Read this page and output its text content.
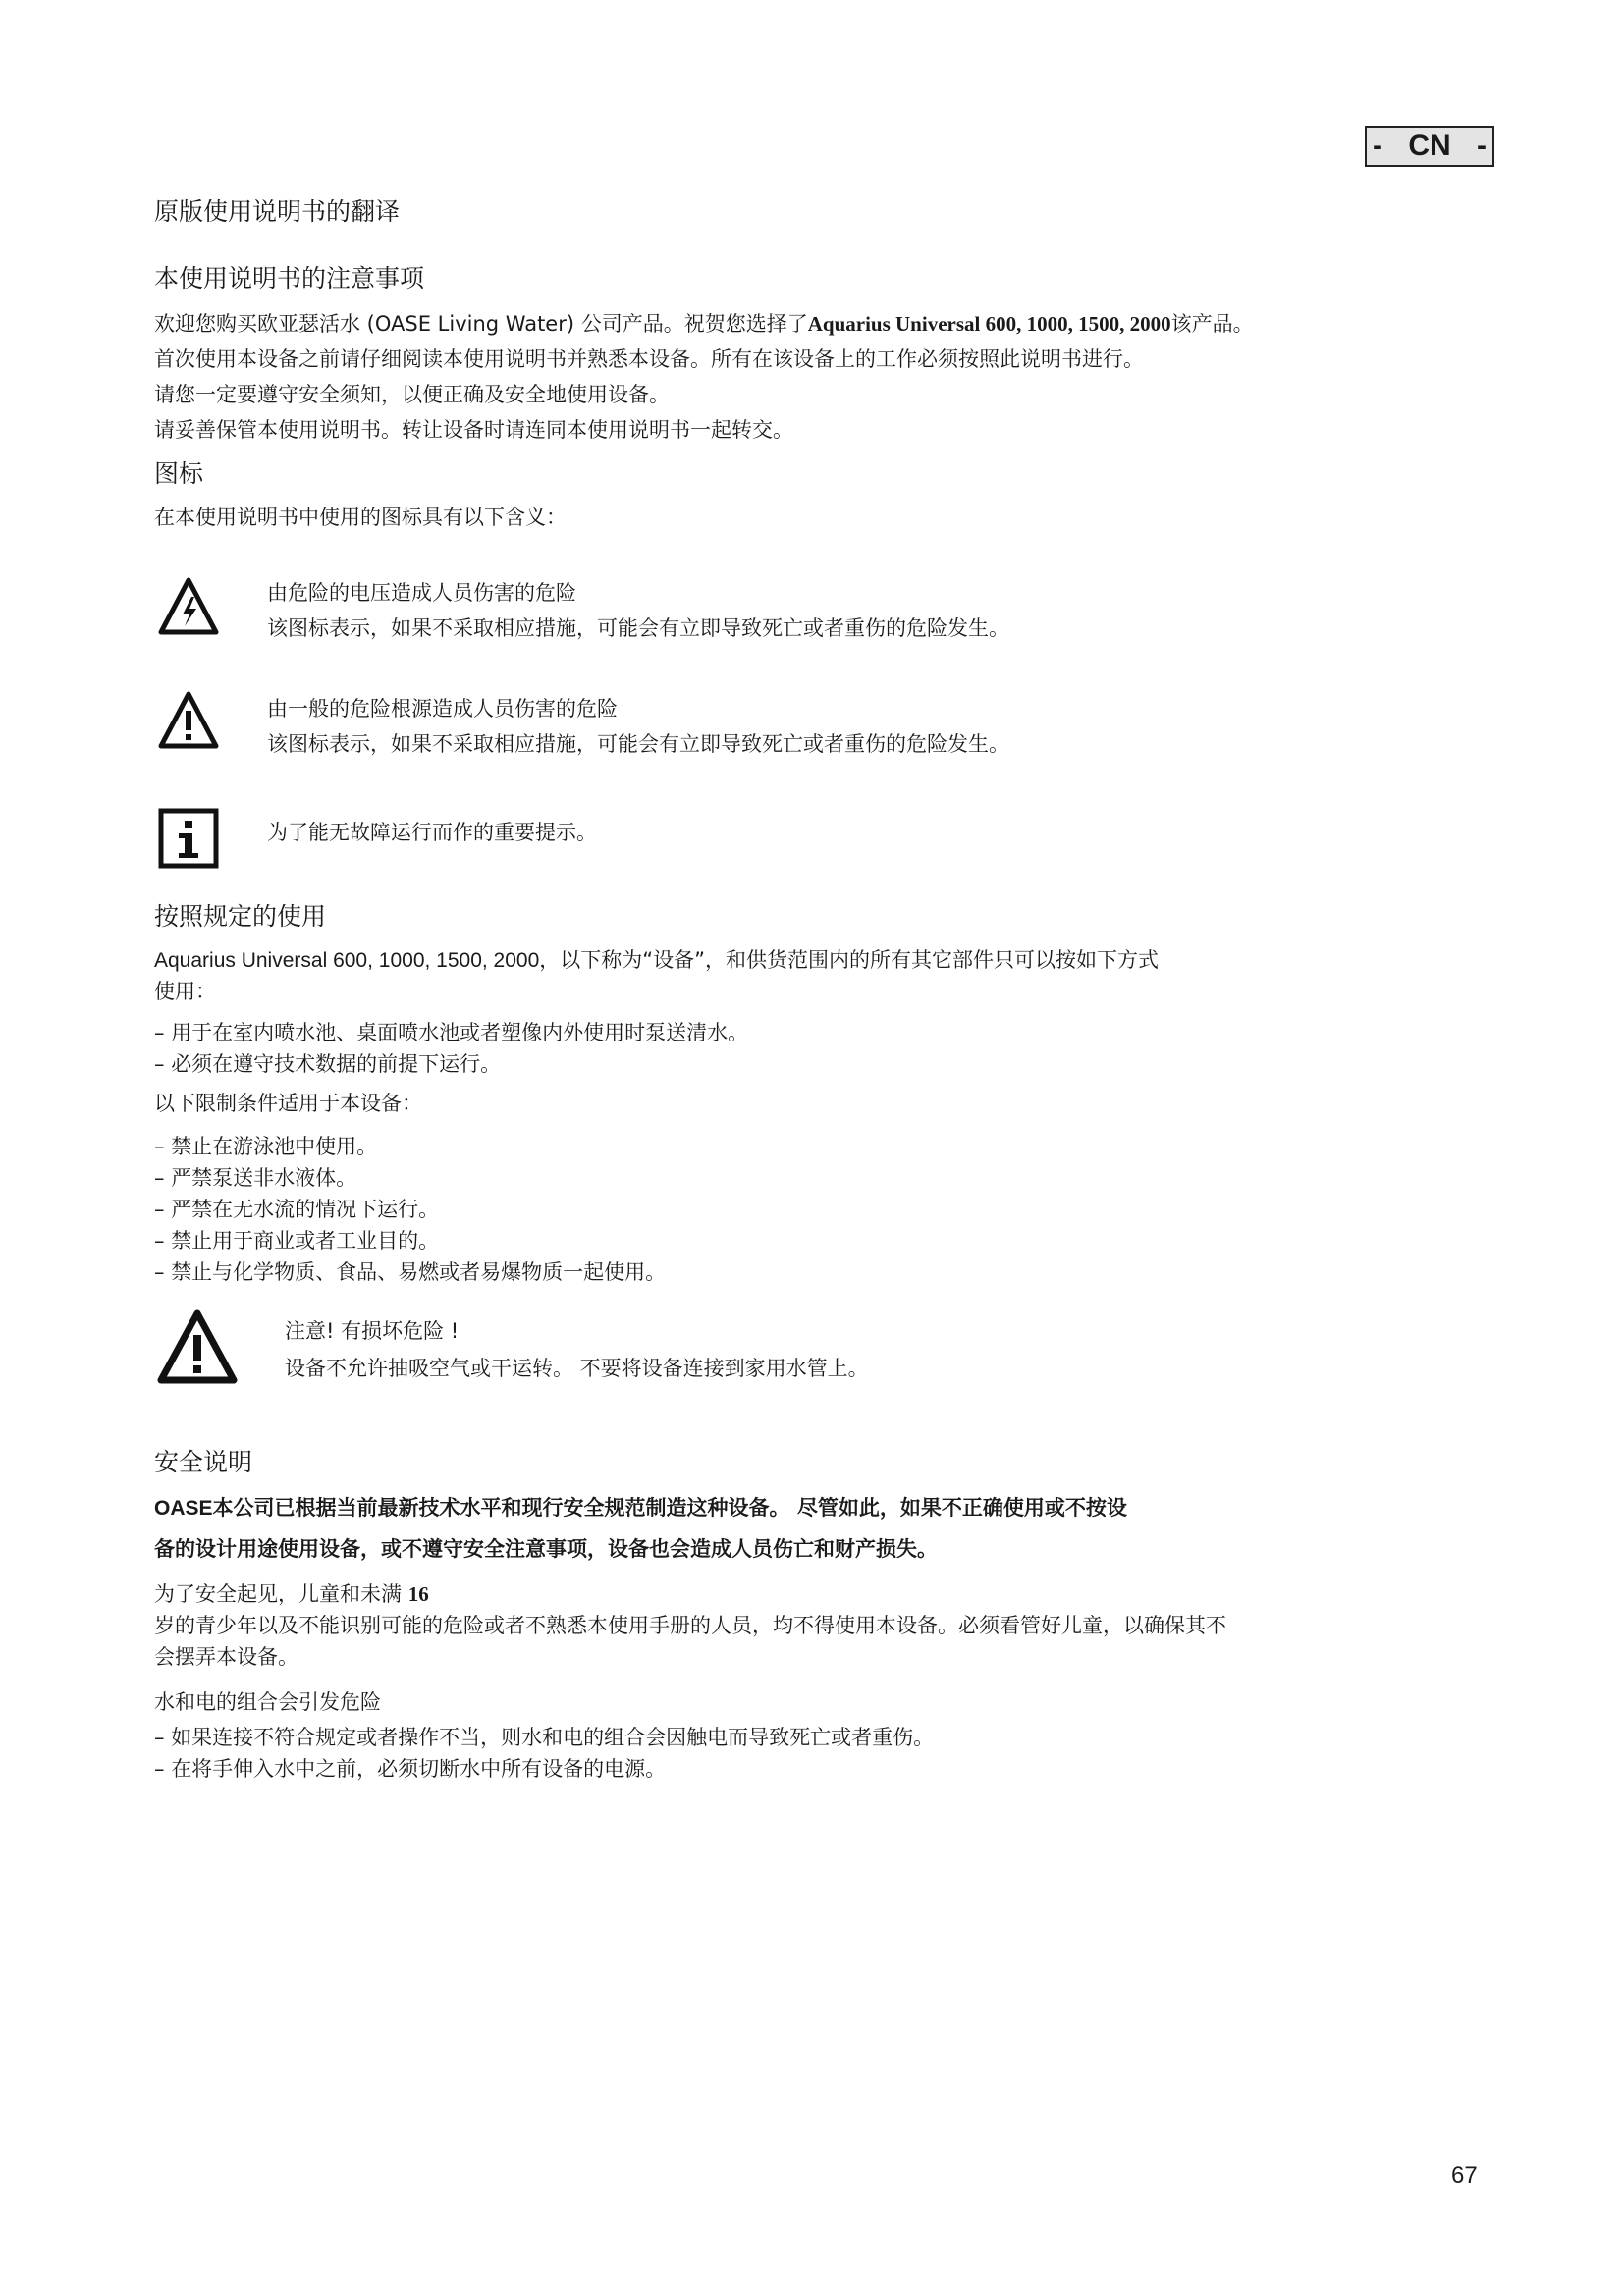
- CN -
原版使用说明书的翻译
本使用说明书的注意事项
欢迎您购买欧亚瑟活水 (OASE Living Water) 公司产品。祝贺您选择了Aquarius Universal 600, 1000, 1500, 2000该产品。
首次使用本设备之前请仔细阅读本使用说明书并熟悉本设备。所有在该设备上的工作必须按照此说明书进行。
请您一定要遵守安全须知，以便正确及安全地使用设备。
请妥善保管本使用说明书。转让设备时请连同本使用说明书一起转交。
图标
在本使用说明书中使用的图标具有以下含义：
由危险的电压造成人员伤害的危险
该图标表示，如果不采取相应措施，可能会有立即导致死亡或者重伤的危险发生。
由一般的危险根源造成人员伤害的危险
该图标表示，如果不采取相应措施，可能会有立即导致死亡或者重伤的危险发生。
为了能无故障运行而作的重要提示。
按照规定的使用
Aquarius Universal 600, 1000, 1500, 2000，以下称为“设备”，和供货范围内的所有其它部件只可以按如下方式
使用：
– 用于在室内喷水池、桌面喷水池或者塑像内外使用时泵送清水。
– 必须在遵守技术数据的前提下运行。
以下限制条件适用于本设备：
– 禁止在游泳池中使用。
– 严禁泵送非水液体。
– 严禁在无水流的情况下运行。
– 禁止用于商业或者工业目的。
– 禁止与化学物质、食品、易燃或者易爆物质一起使用。
注意! 有损坏危险 !
设备不允许抽吸空气或干运转。 不要将设备连接到家用水管上。
安全说明
OASE本公司已根据当前最新技术水平和现行安全规范制造这种设备。 尽管如此，如果不正确使用或不按设
备的设计用途使用设备，或不遵守安全注意事项，设备也会造成人员伤亡和财产损失。
为了安全起见，儿童和未满 16
岁的青少年以及不能识别可能的危险或者不熟悉本使用手册的人员，均不得使用本设备。必须看管好儿童，以确保其不
会摆弄本设备。
水和电的组合会引发危险
– 如果连接不符合规定或者操作不当，则水和电的组合会因触电而导致死亡或者重伤。
– 在将手伸入水中之前，必须切断水中所有设备的电源。
67
